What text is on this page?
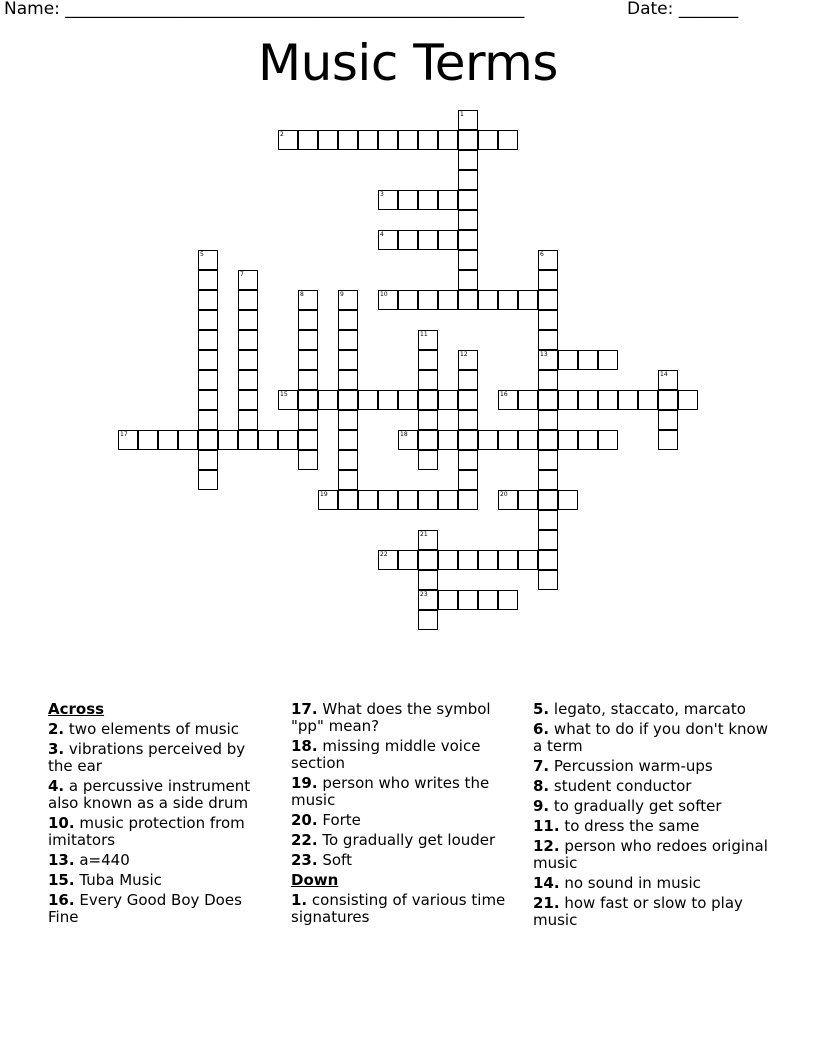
Name: ______________________________________________________

	Date: _______

Music Terms
1
2
3
4
10
6
13
5
7
8	9
11
12
14
15	16
17	18
19	20
21
23
22
Across
2. two elements of music
3. vibrations perceived by the ear
4. a percussive instrument also known as a side drum
10. music protection from imitators
13. a=440
15. Tuba Music
16. Every Good Boy Does Fine
17. What does the symbol "pp" mean?
18. missing middle voice section
19. person who writes the music
20. Forte
22. To gradually get louder
23. Soft
Down
1. consisting of various time signatures
5. legato, staccato, marcato
6. what to do if you don't know a term
7. Percussion warm-ups
8. student conductor
9. to gradually get softer
11. to dress the same
12. person who redoes original music
14. no sound in music
21. how fast or slow to play music
